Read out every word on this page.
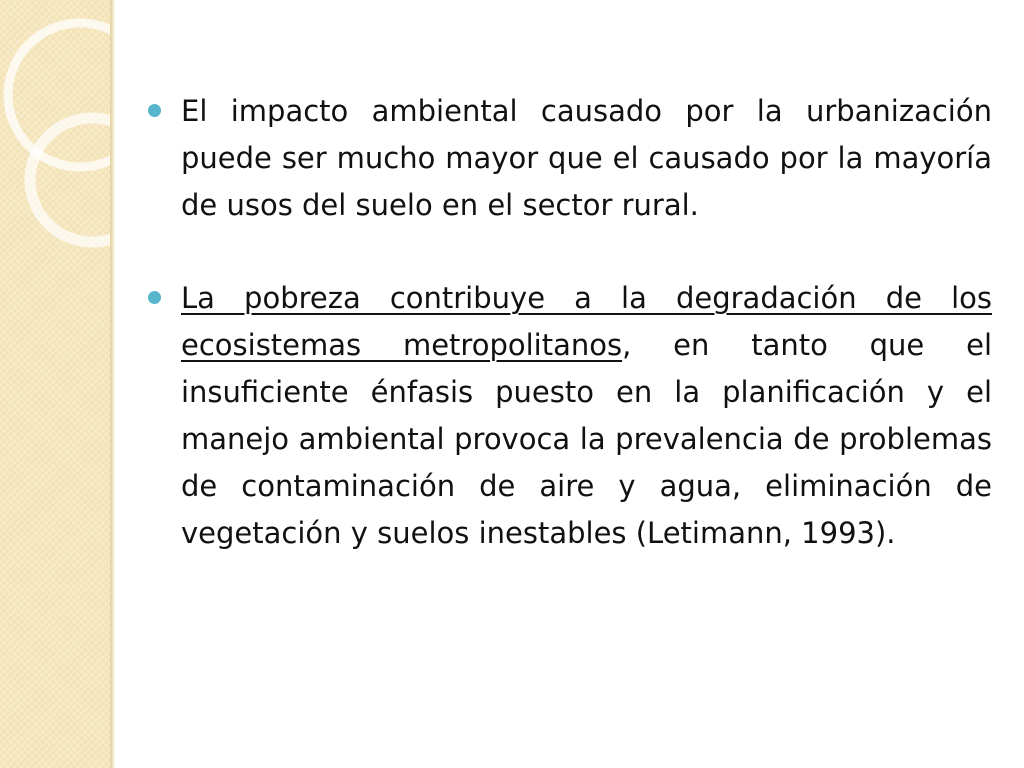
El impacto ambiental causado por la urbanización puede ser mucho mayor que el causado por la mayoría de usos del suelo en el sector rural.
La pobreza contribuye a la degradación de los ecosistemas metropolitanos, en tanto que el insuficiente énfasis puesto en la planificación y el manejo ambiental provoca la prevalencia de problemas de contaminación de aire y agua, eliminación de vegetación y suelos inestables (Letimann, 1993).
